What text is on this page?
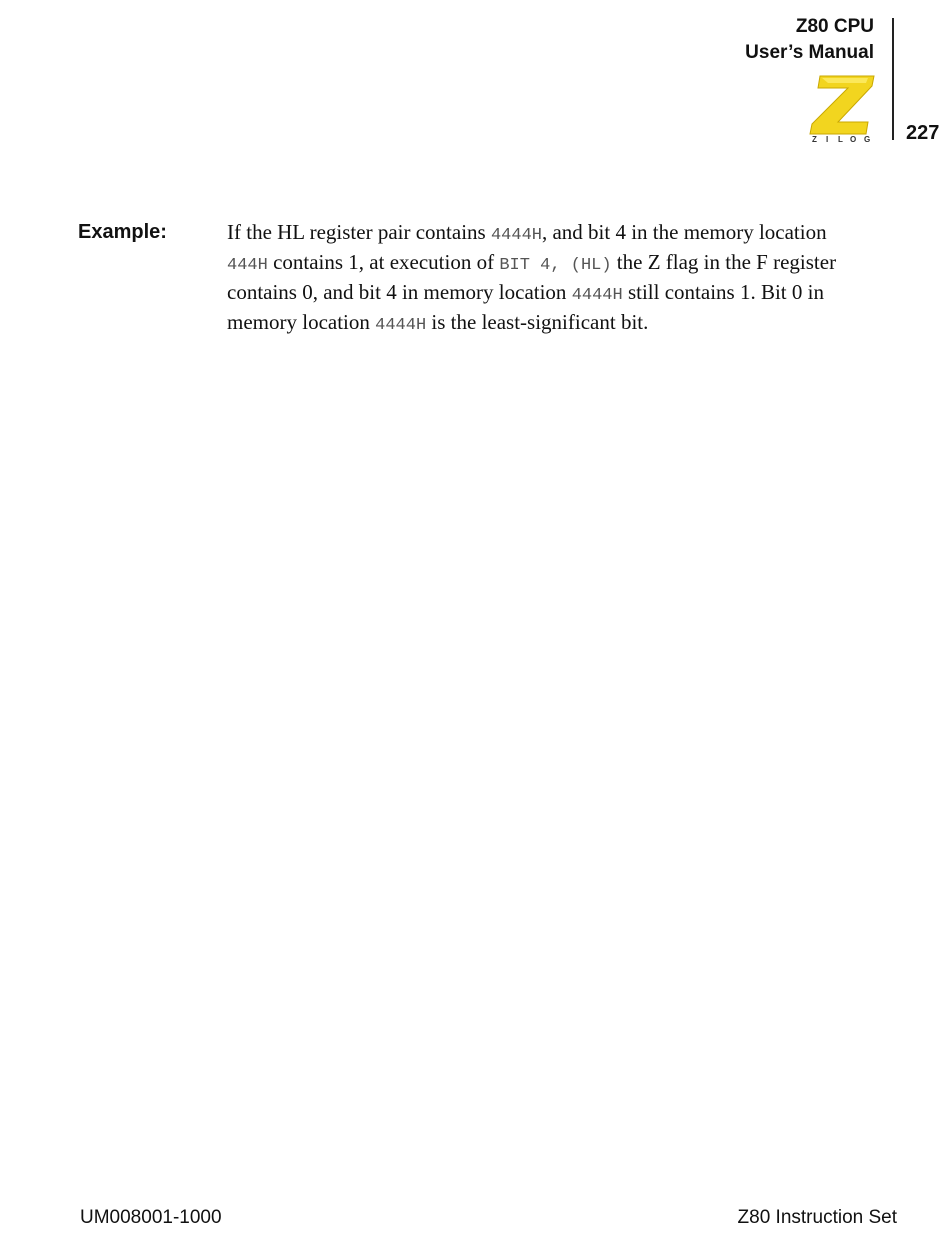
Z80 CPU
User’s Manual
Z I L O G 227
Example:	If the HL register pair contains 4444H, and bit 4 in the memory location
444H contains 1, at execution of BIT 4, (HL) the Z flag in the F register
contains 0, and bit 4 in memory location 4444H still contains 1. Bit 0 in
memory location 4444H is the least-significant bit.
UM008001-1000	Z80 Instruction Set
